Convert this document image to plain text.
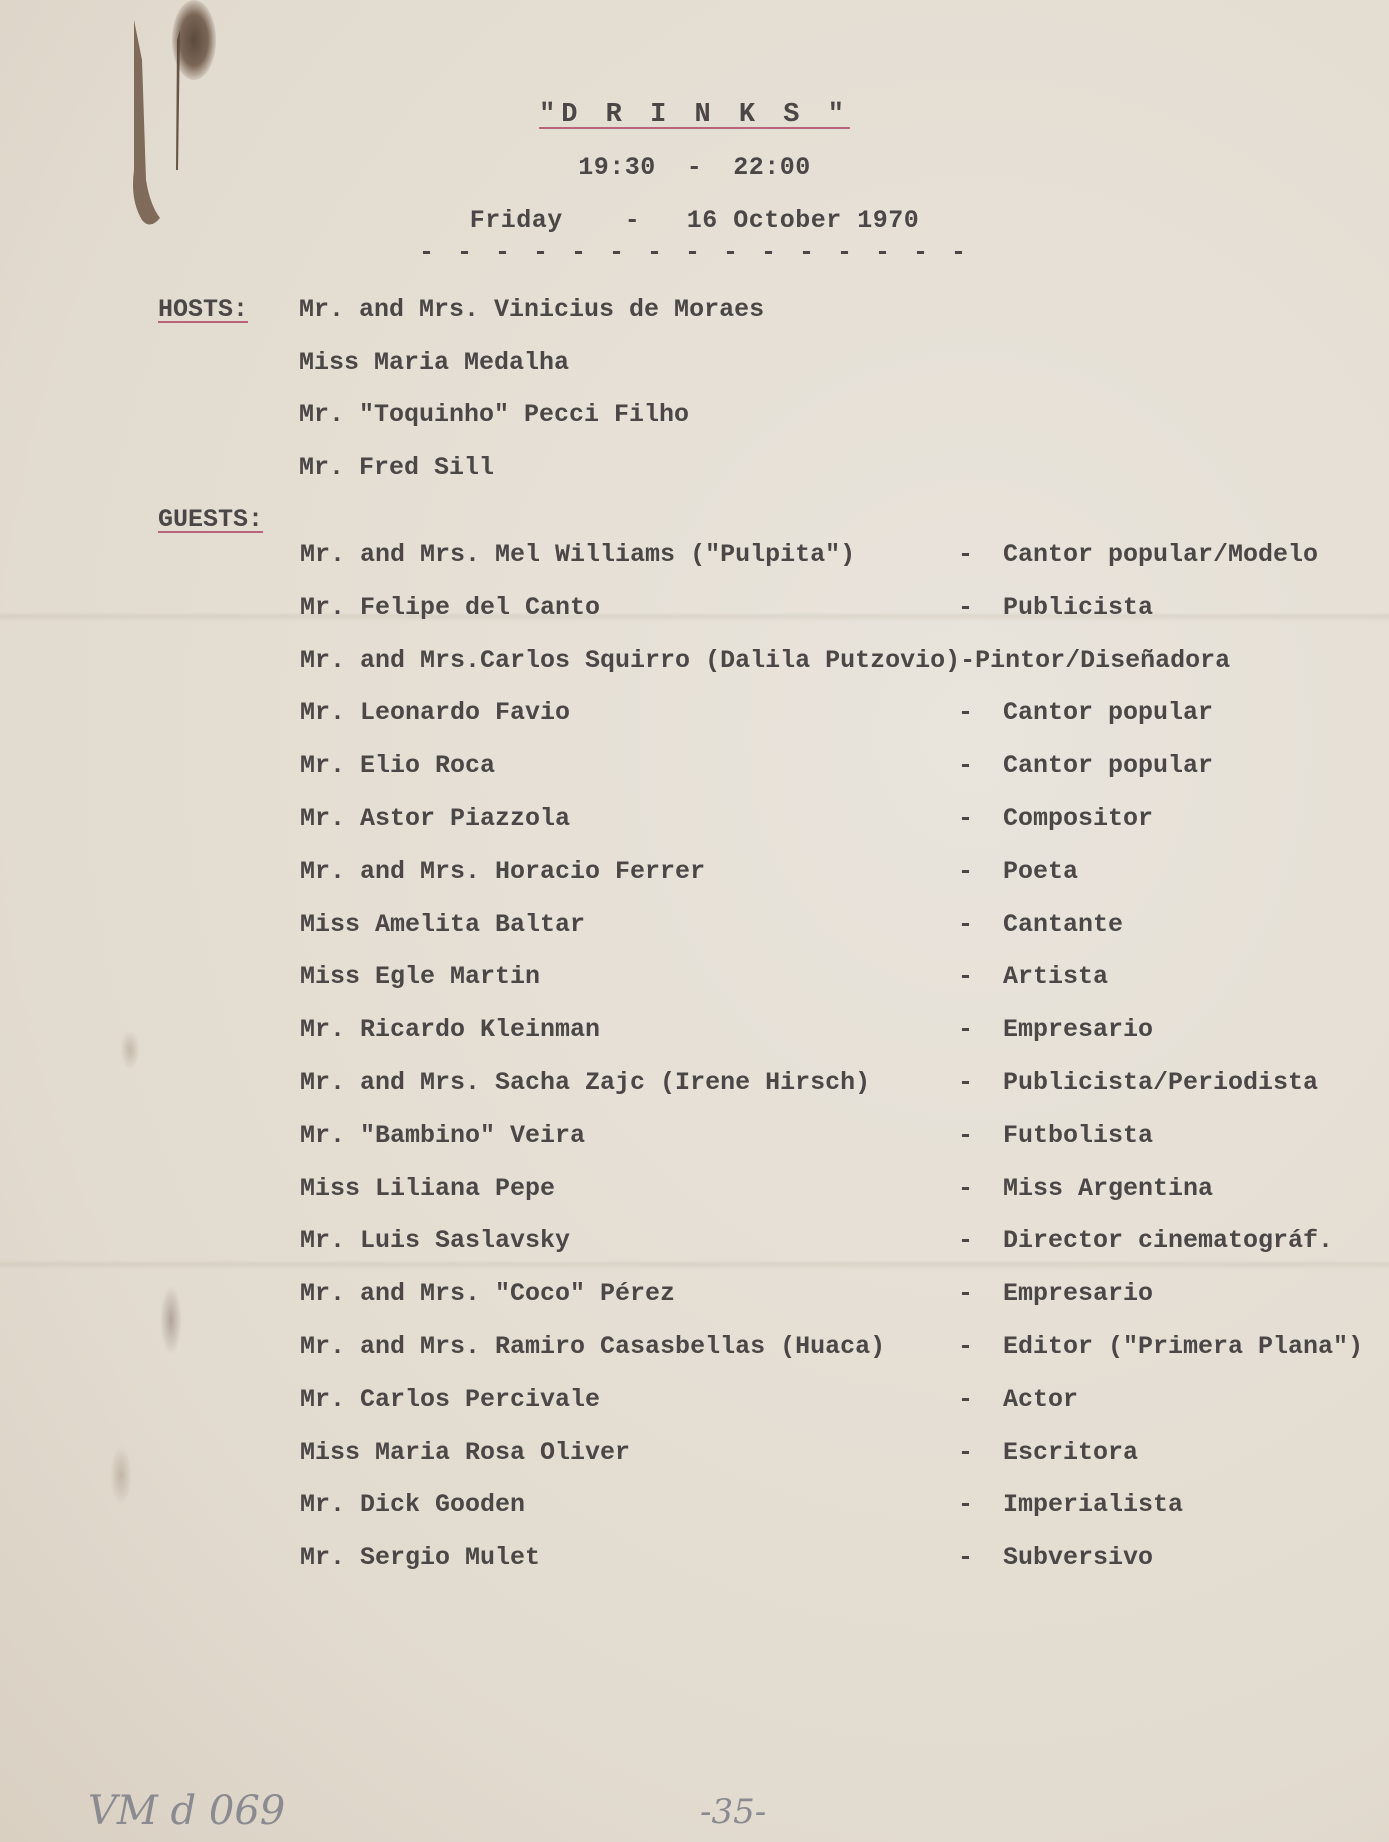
"D R I N K S "
19:30  -  22:00
Friday    -   16 October 1970
- - - - - - - - - - - - - - -
HOSTS: Mr. and Mrs. Vinicius de Moraes
Miss Maria Medalha
Mr. "Toquinho" Pecci Filho
Mr. Fred Sill
GUESTS:
Mr. and Mrs. Mel Williams ("Pulpita")	-  Cantor popular/Modelo
Mr. Felipe del Canto	-  Publicista
Mr. and Mrs.Carlos Squirro (Dalila Putzovio)-Pintor/Diseñadora
Mr. Leonardo Favio	-  Cantor popular
Mr. Elio Roca	-  Cantor popular
Mr. Astor Piazzola	-  Compositor
Mr. and Mrs. Horacio Ferrer	-  Poeta
Miss Amelita Baltar	-  Cantante
Miss Egle Martin	-  Artista
Mr. Ricardo Kleinman	-  Empresario
Mr. and Mrs. Sacha Zajc (Irene Hirsch)	-  Publicista/Periodista
Mr. "Bambino" Veira	-  Futbolista
Miss Liliana Pepe	-  Miss Argentina
Mr. Luis Saslavsky	-  Director cinematográf.
Mr. and Mrs. "Coco" Pérez	-  Empresario
Mr. and Mrs. Ramiro Casasbellas (Huaca)	-  Editor ("Primera Plana")
Mr. Carlos Percivale	-  Actor
Miss Maria Rosa Oliver	-  Escritora
Mr. Dick Gooden	-  Imperialista
Mr. Sergio Mulet	-  Subversivo
VM d 069	-35-
